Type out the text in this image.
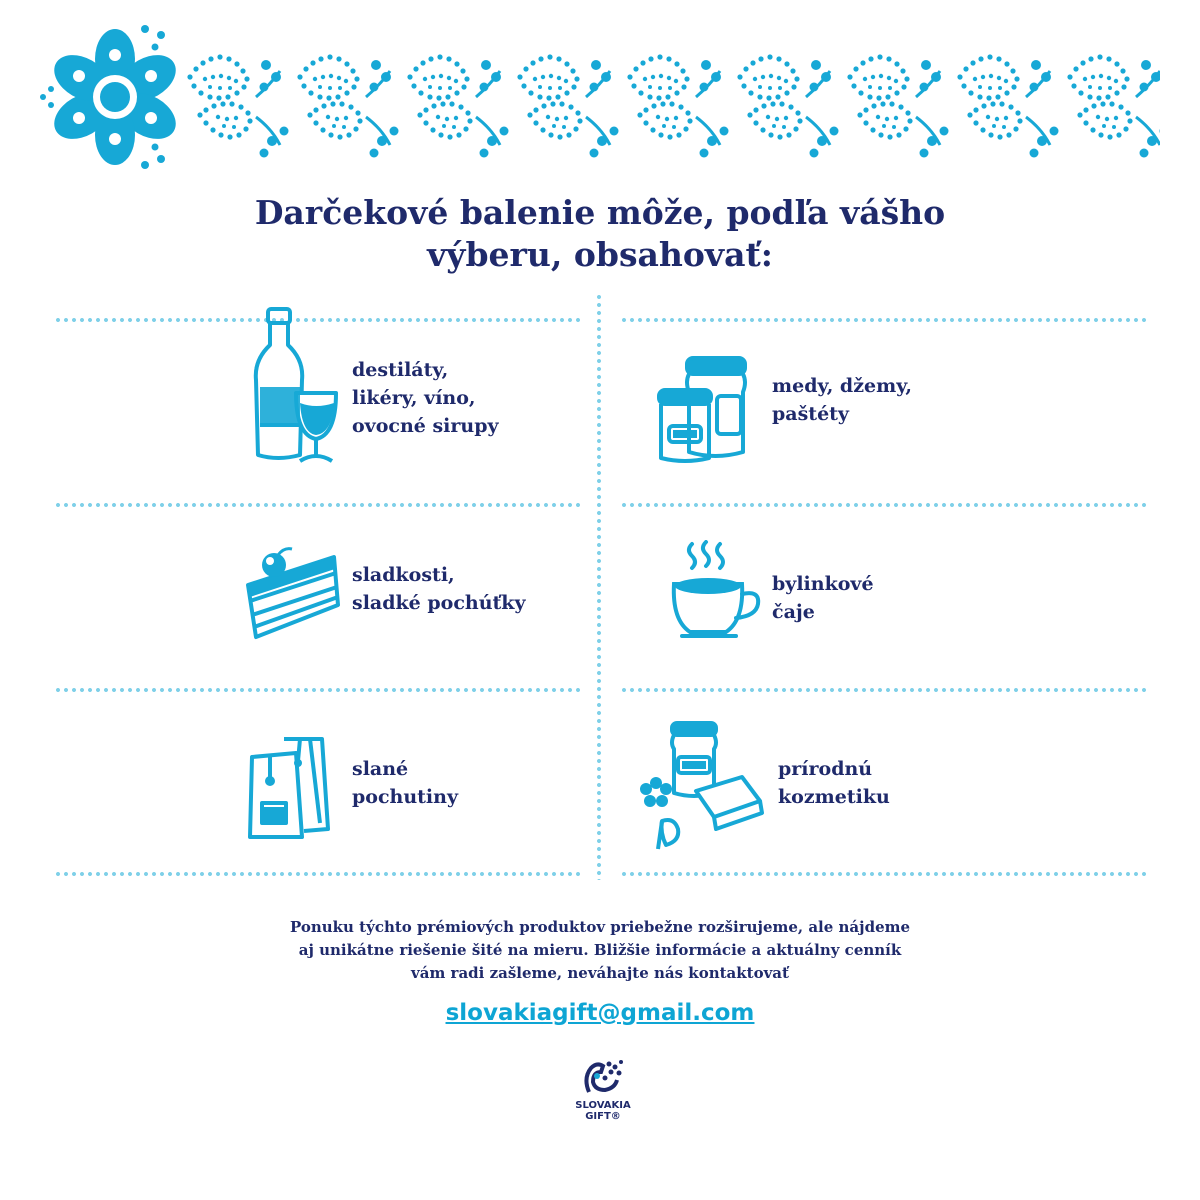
Darčekové balenie môže, podľa vášho
výberu, obsahovať:
destiláty,
likéry, víno,
ovocné sirupy
medy, džemy,
paštéty
sladkosti,
sladké pochúťky
bylinkové
čaje
slané
pochutiny
prírodnú
kozmetiku

Ponuku týchto prémiových produktov priebežne rozširujeme, ale nájdeme
aj unikátne riešenie šité na mieru. Bližšie informácie a aktuálny cenník
vám radi zašleme, neváhajte nás kontaktovať

slovakiagift@gmail.com
SLOVAKIA
GIFT®
